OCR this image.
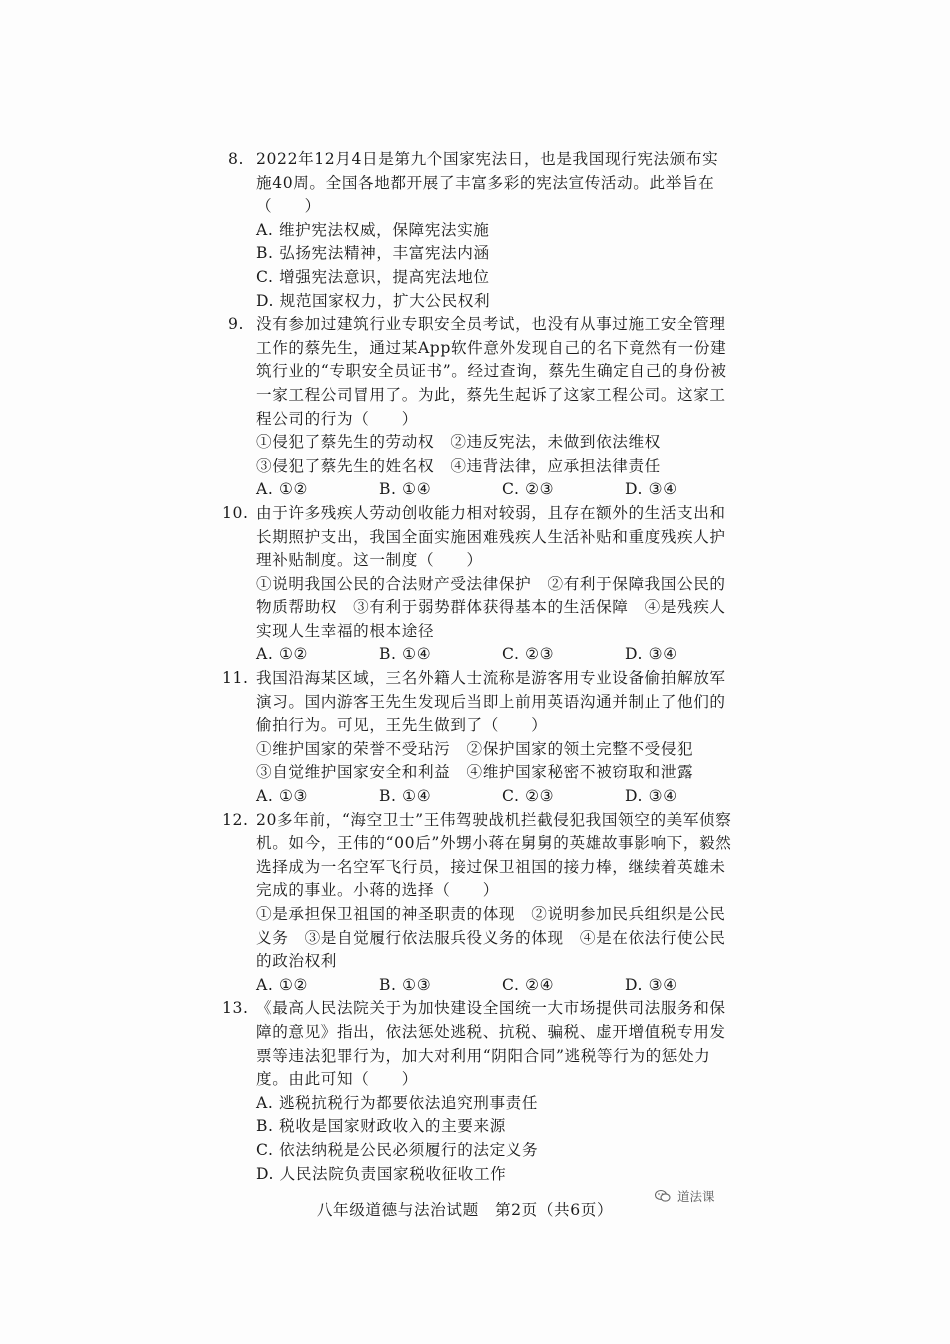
8. 2022年12月4日是第九个国家宪法日，也是我国现行宪法颁布实施40周。全国各地都开展了丰富多彩的宪法宣传活动。此举旨在（　　）
A. 维护宪法权威，保障宪法实施
B. 弘扬宪法精神，丰富宪法内涵
C. 增强宪法意识，提高宪法地位
D. 规范国家权力，扩大公民权利
9. 没有参加过建筑行业专职安全员考试，也没有从事过施工安全管理工作的蔡先生，通过某App软件意外发现自己的名下竟然有一份建筑行业的“专职安全员证书”。经过查询，蔡先生确定自己的身份被一家工程公司冒用了。为此，蔡先生起诉了这家工程公司。这家工程公司的行为（　　）
①侵犯了蔡先生的劳动权　②违反宪法，未做到依法维权
③侵犯了蔡先生的姓名权　④违背法律，应承担法律责任
A. ①②	B. ①④	C. ②③	D. ③④
10. 由于许多残疾人劳动创收能力相对较弱，且存在额外的生活支出和长期照护支出，我国全面实施困难残疾人生活补贴和重度残疾人护理补贴制度。这一制度（　　）
①说明我国公民的合法财产受法律保护　②有利于保障我国公民的物质帮助权　③有利于弱势群体获得基本的生活保障　④是残疾人实现人生幸福的根本途径
A. ①②	B. ①④	C. ②③	D. ③④
11. 我国沿海某区域，三名外籍人士流称是游客用专业设备偷拍解放军演习。国内游客王先生发现后当即上前用英语沟通并制止了他们的偷拍行为。可见，王先生做到了（　　）
①维护国家的荣誉不受玷污　②保护国家的领土完整不受侵犯
③自觉维护国家安全和利益　④维护国家秘密不被窃取和泄露
A. ①③	B. ①④	C. ②③	D. ③④
12. 20多年前，“海空卫士”王伟驾驶战机拦截侵犯我国领空的美军侦察机。如今，王伟的“00后”外甥小蒋在舅舅的英雄故事影响下，毅然选择成为一名空军飞行员，接过保卫祖国的接力棒，继续着英雄未完成的事业。小蒋的选择（　　）
①是承担保卫祖国的神圣职责的体现　②说明参加民兵组织是公民义务　③是自觉履行依法服兵役义务的体现　④是在依法行使公民的政治权利
A. ①②	B. ①③	C. ②④	D. ③④
13. 《最高人民法院关于为加快建设全国统一大市场提供司法服务和保障的意见》指出，依法惩处逃税、抗税、骗税、虚开增值税专用发票等违法犯罪行为，加大对利用“阴阳合同”逃税等行为的惩处力度。由此可知（　　）
A. 逃税抗税行为都要依法追究刑事责任
B. 税收是国家财政收入的主要来源
C. 依法纳税是公民必须履行的法定义务
D. 人民法院负责国家税收征收工作
道法课
八年级道德与法治试题　第2页（共6页）
